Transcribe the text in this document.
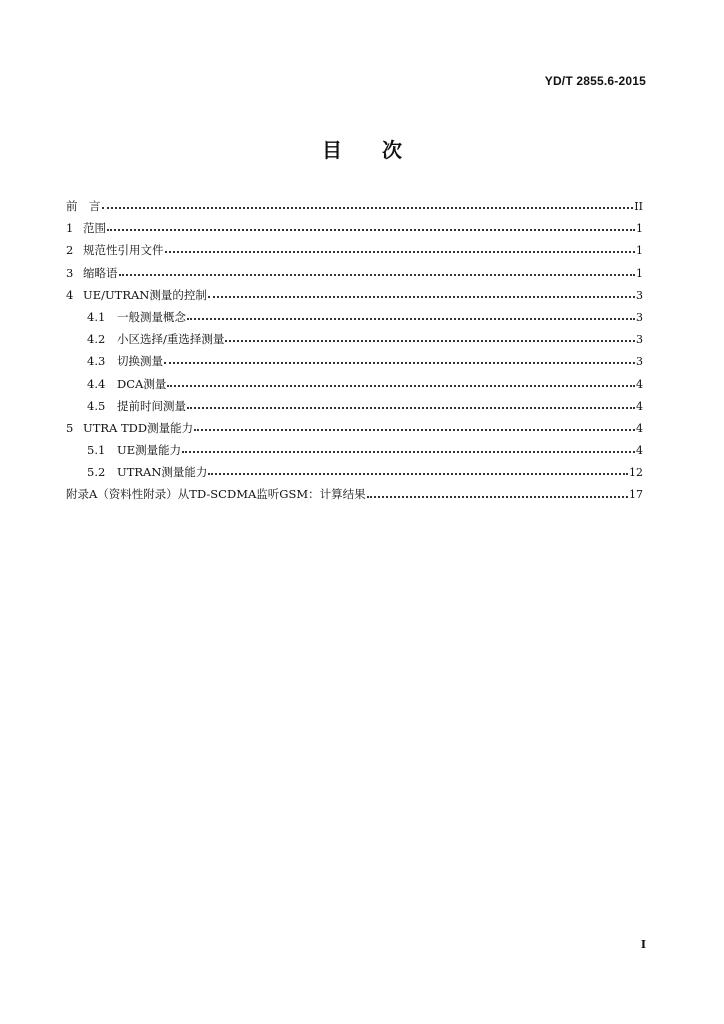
YD/T 2855.6-2015
目次
前　言	II
1 范围	1
2 规范性引用文件	1
3 缩略语	1
4 UE/UTRAN测量的控制	3
4.1	一般测量概念	3
4.2	小区选择/重选择测量	3
4.3	切换测量	3
4.4	DCA测量	4
4.5	提前时间测量	4
5 UTRA TDD测量能力	4
5.1	UE测量能力	4
5.2	UTRAN测量能力	12
附录A（资料性附录）从TD-SCDMA监听GSM：计算结果	17
I
